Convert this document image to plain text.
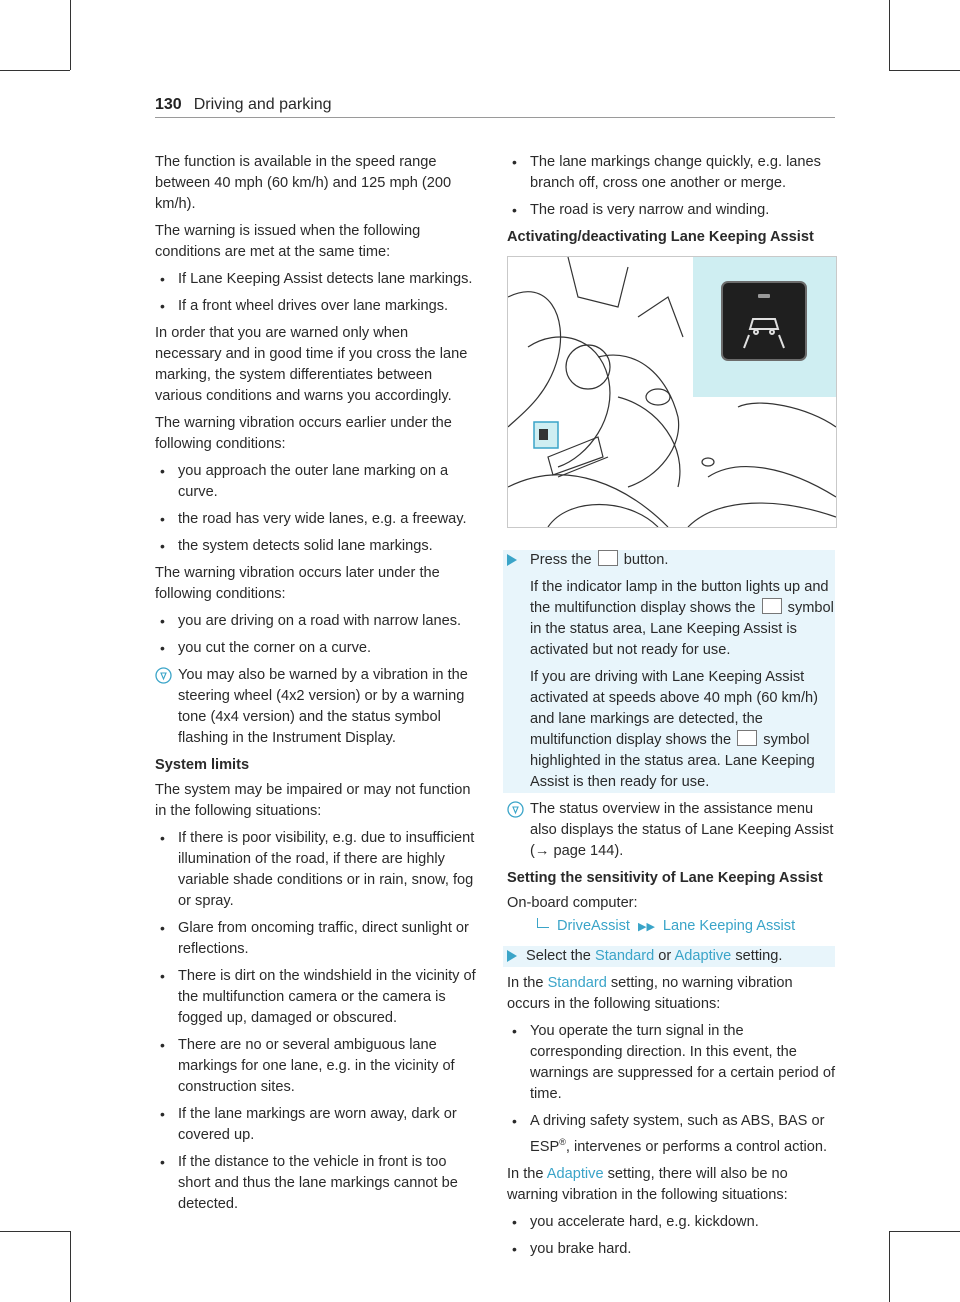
130 Driving and parking

The function is available in the speed range between 40 mph (60 km/h) and 125 mph (200 km/h).

The warning is issued when the following conditions are met at the same time:

• If Lane Keeping Assist detects lane markings.
• If a front wheel drives over lane markings.

In order that you are warned only when necessary and in good time if you cross the lane marking, the system differentiates between various conditions and warns you accordingly.

The warning vibration occurs earlier under the following conditions:

• you approach the outer lane marking on a curve.
• the road has very wide lanes, e.g. a freeway.
• the system detects solid lane markings.

The warning vibration occurs later under the following conditions:

• you are driving on a road with narrow lanes.
• you cut the corner on a curve.
You may also be warned by a vibration in the steering wheel (4x2 version) or by a warning tone (4x4 version) and the status symbol flashing in the Instrument Display.
System limits

The system may be impaired or may not function in the following situations:

• If there is poor visibility, e.g. due to insufficient illumination of the road, if there are highly variable shade conditions or in rain, snow, fog or spray.
• Glare from oncoming traffic, direct sunlight or reflections.
• There is dirt on the windshield in the vicinity of the multifunction camera or the camera is fogged up, damaged or obscured.
• There are no or several ambiguous lane markings for one lane, e.g. in the vicinity of construction sites.
• If the lane markings are worn away, dark or covered up.
• If the distance to the vehicle in front is too short and thus the lane markings cannot be detected.
• The lane markings change quickly, e.g. lanes branch off, cross one another or merge.
• The road is very narrow and winding.
Activating/deactivating Lane Keeping Assist
Press the button.

If the indicator lamp in the button lights up and the multifunction display shows the symbol in the status area, Lane Keeping Assist is activated but not ready for use.

If you are driving with Lane Keeping Assist activated at speeds above 40 mph (60 km/h) and lane markings are detected, the multifunction display shows the symbol highlighted in the status area. Lane Keeping Assist is then ready for use.

The status overview in the assistance menu also displays the status of Lane Keeping Assist (→ page 144).
Setting the sensitivity of Lane Keeping Assist

On-board computer:

DriveAssist ▶▶ Lane Keeping Assist
Select the Standard or Adaptive setting.

In the Standard setting, no warning vibration occurs in the following situations:

• You operate the turn signal in the corresponding direction. In this event, the warnings are suppressed for a certain period of time.
• A driving safety system, such as ABS, BAS or ESP®, intervenes or performs a control action.

In the Adaptive setting, there will also be no warning vibration in the following situations:

• you accelerate hard, e.g. kickdown.
• you brake hard.
